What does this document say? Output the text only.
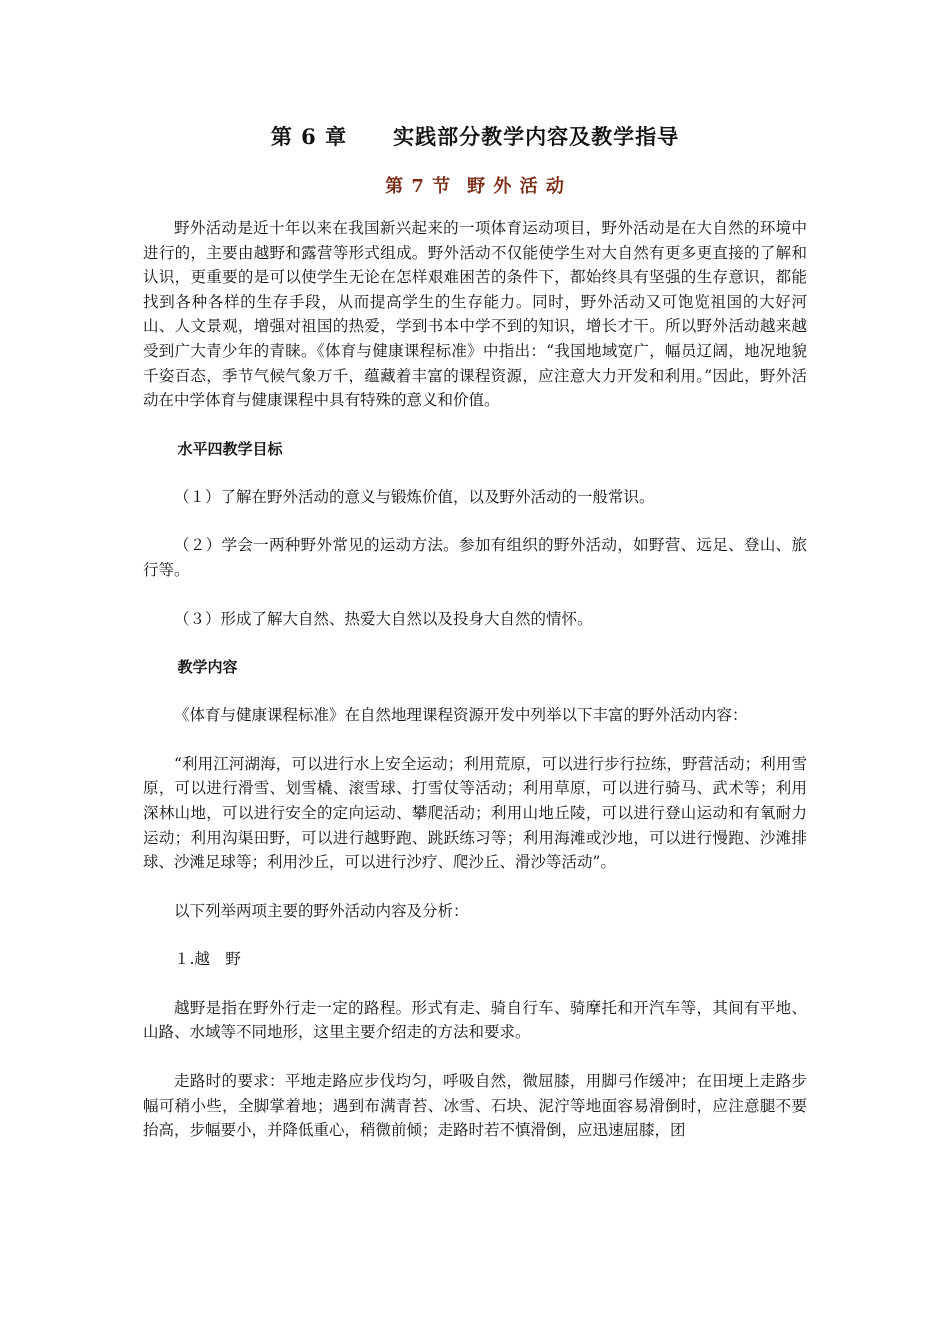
第 6 章 实践部分教学内容及教学指导
第 7 节 野 外 活 动

野外活动是近十年以来在我国新兴起来的一项体育运动项目，野外活动是在大自然的环境中进行的，主要由越野和露营等形式组成。野外活动不仅能使学生对大自然有更多更直接的了解和认识，更重要的是可以使学生无论在怎样艰难困苦的条件下，都始终具有坚强的生存意识，都能找到各种各样的生存手段，从而提高学生的生存能力。同时，野外活动又可饱览祖国的大好河山、人文景观，增强对祖国的热爱，学到书本中学不到的知识，增长才干。所以野外活动越来越受到广大青少年的青睐。《体育与健康课程标准》中指出：“我国地域宽广，幅员辽阔，地况地貌千姿百态，季节气候气象万千，蕴藏着丰富的课程资源，应注意大力开发和利用。”因此，野外活动在中学体育与健康课程中具有特殊的意义和价值。

水平四教学目标

（１）了解在野外活动的意义与锻炼价值，以及野外活动的一般常识。

（２）学会一两种野外常见的运动方法。参加有组织的野外活动，如野营、远足、登山、旅行等。

（３）形成了解大自然、热爱大自然以及投身大自然的情怀。

教学内容

《体育与健康课程标准》在自然地理课程资源开发中列举以下丰富的野外活动内容：

“利用江河湖海，可以进行水上安全运动；利用荒原，可以进行步行拉练，野营活动；利用雪原，可以进行滑雪、划雪橇、滚雪球、打雪仗等活动；利用草原，可以进行骑马、武术等；利用深林山地，可以进行安全的定向运动、攀爬活动；利用山地丘陵，可以进行登山运动和有氧耐力运动；利用沟渠田野，可以进行越野跑、跳跃练习等；利用海滩或沙地，可以进行慢跑、沙滩排球、沙滩足球等；利用沙丘，可以进行沙疗、爬沙丘、滑沙等活动”。

以下列举两项主要的野外活动内容及分析：

１.越　野

越野是指在野外行走一定的路程。形式有走、骑自行车、骑摩托和开汽车等，其间有平地、山路、水域等不同地形，这里主要介绍走的方法和要求。

走路时的要求：平地走路应步伐均匀，呼吸自然，微屈膝，用脚弓作缓冲；在田埂上走路步幅可稍小些，全脚掌着地；遇到布满青苔、冰雪、石块、泥泞等地面容易滑倒时，应注意腿不要抬高，步幅要小，并降低重心，稍微前倾；走路时若不慎滑倒，应迅速屈膝，团
